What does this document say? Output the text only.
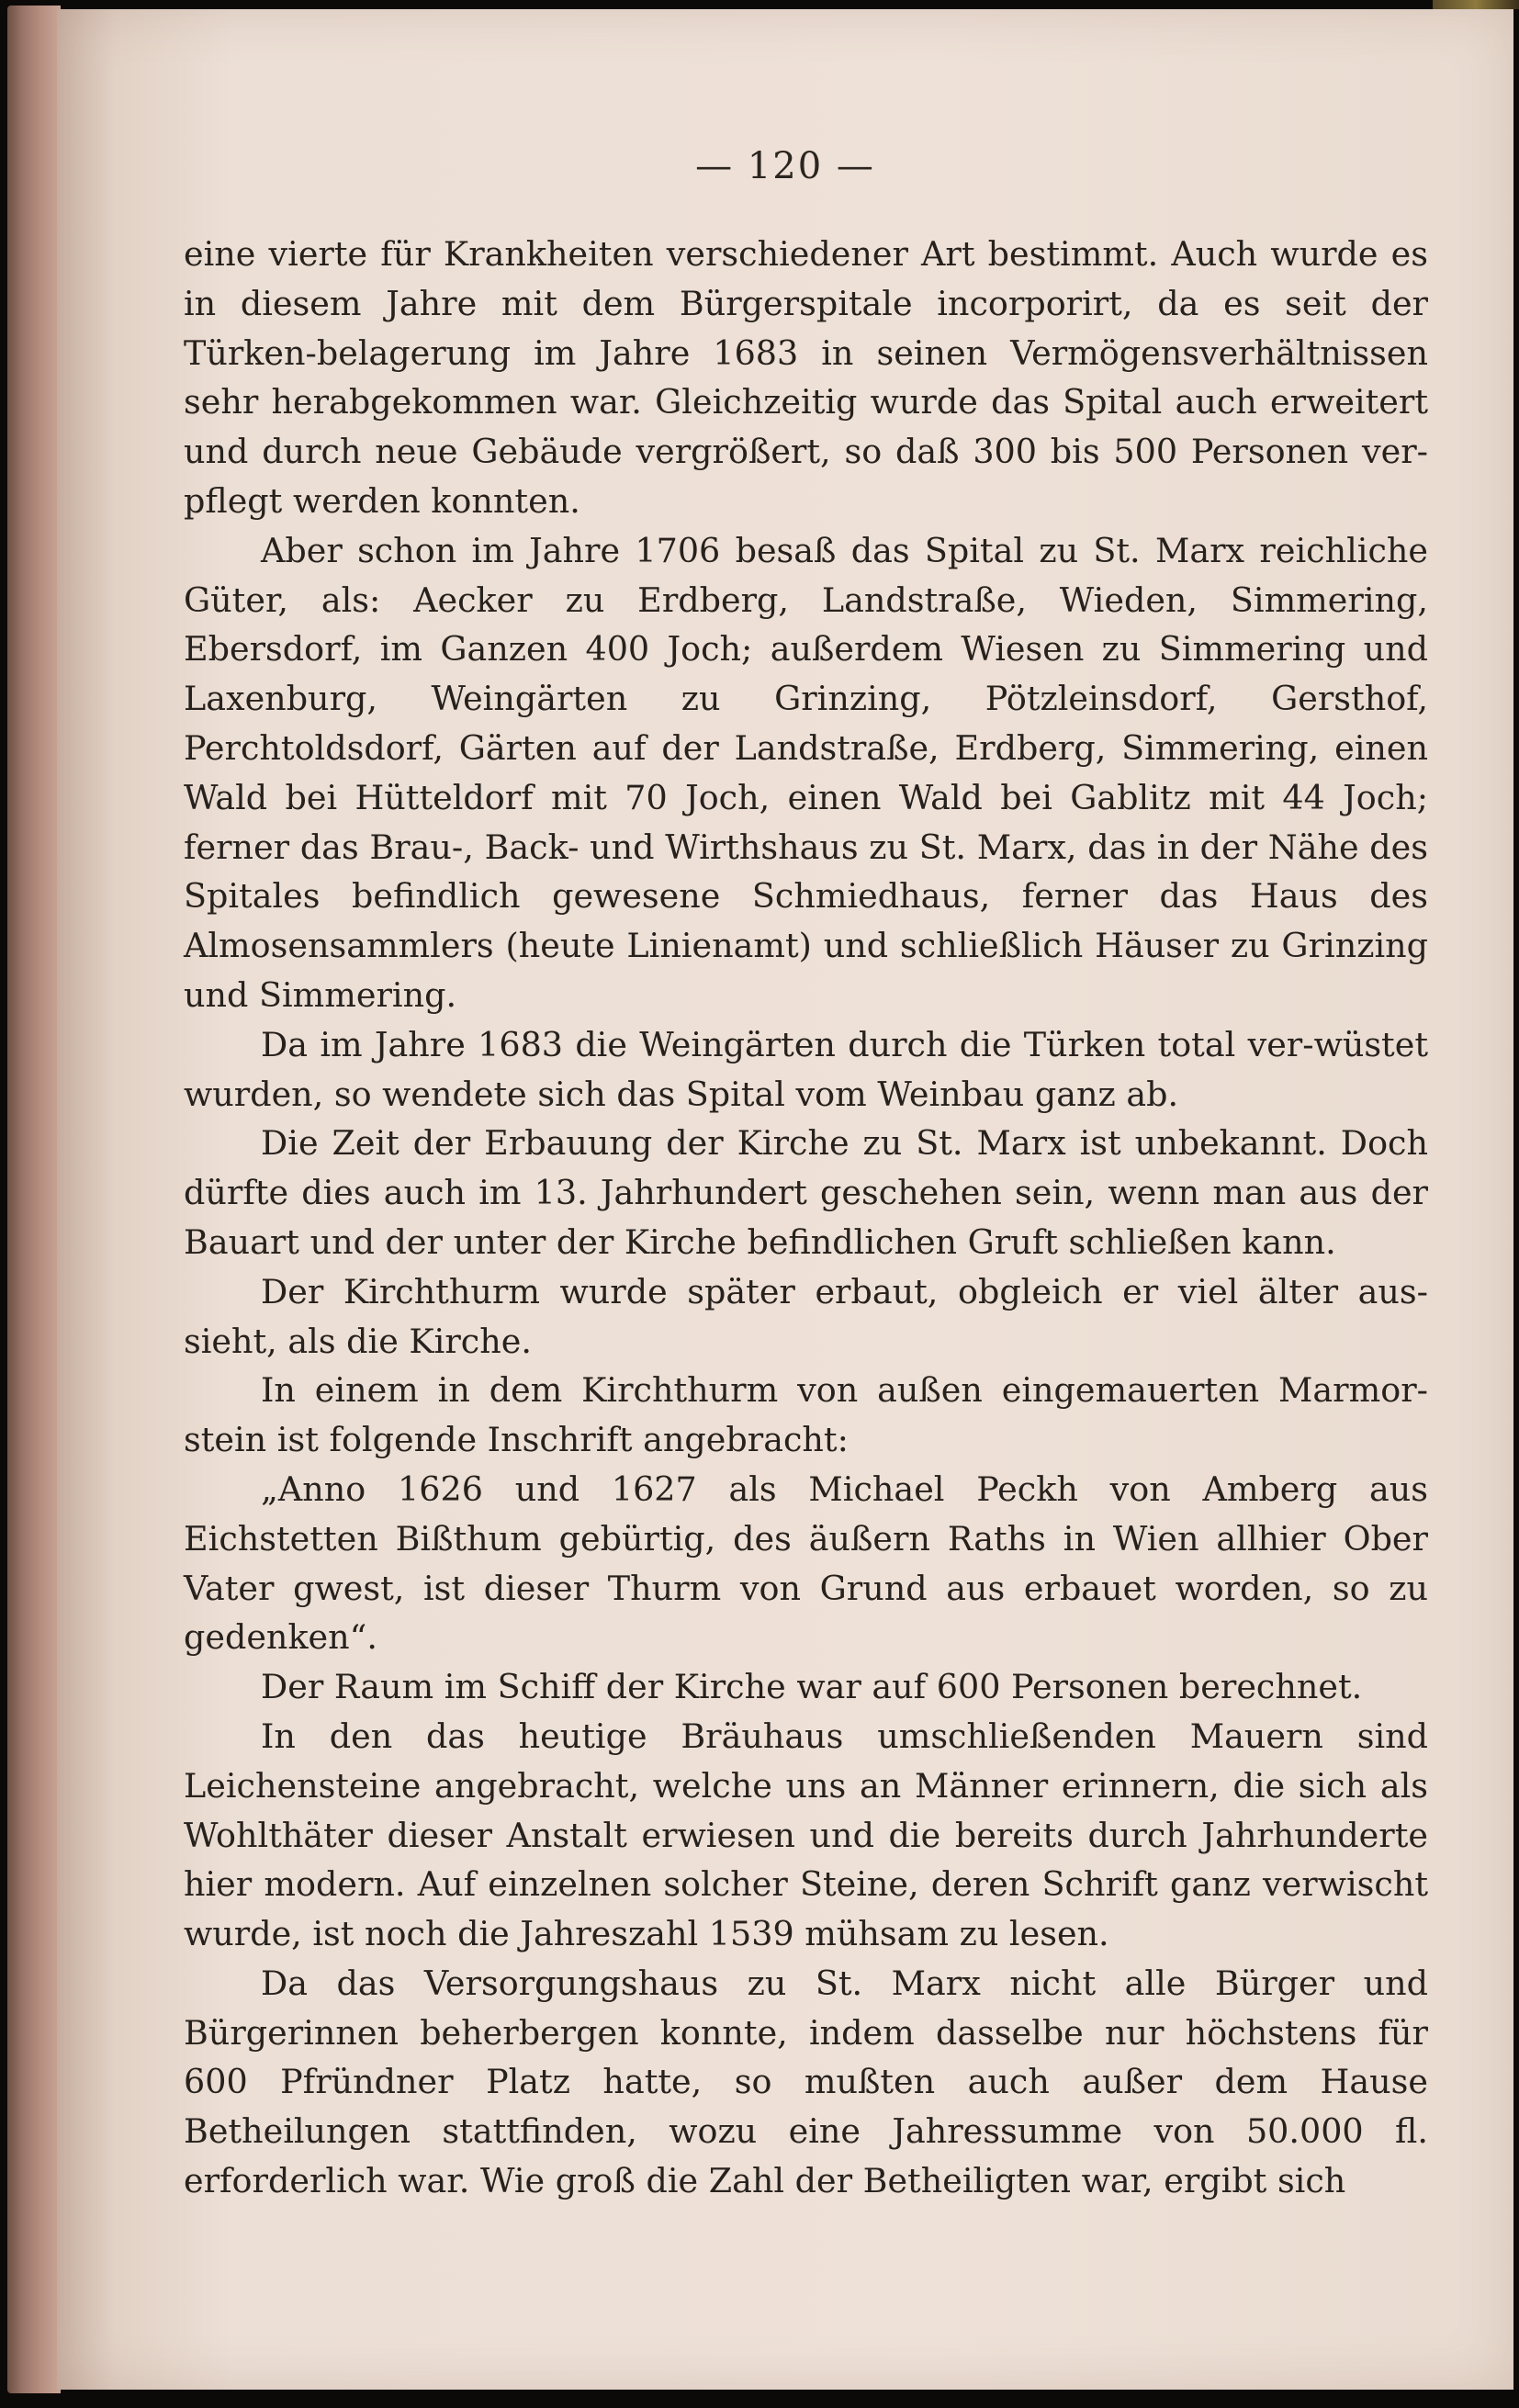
— 120 —

eine vierte für Krankheiten verschiedener Art bestimmt. Auch wurde es in diesem Jahre mit dem Bürgerspitale incorporirt, da es seit der Türken-belagerung im Jahre 1683 in seinen Vermögensverhältnissen sehr herabgekommen war. Gleichzeitig wurde das Spital auch erweitert und durch neue Gebäude vergrößert, so daß 300 bis 500 Personen ver-pflegt werden konnten.

Aber schon im Jahre 1706 besaß das Spital zu St. Marx reichliche Güter, als: Aecker zu Erdberg, Landstraße, Wieden, Simmering, Ebersdorf, im Ganzen 400 Joch; außerdem Wiesen zu Simmering und Laxenburg, Weingärten zu Grinzing, Pötzleinsdorf, Gersthof, Perchtoldsdorf, Gärten auf der Landstraße, Erdberg, Simmering, einen Wald bei Hütteldorf mit 70 Joch, einen Wald bei Gablitz mit 44 Joch; ferner das Brau-, Back- und Wirthshaus zu St. Marx, das in der Nähe des Spitales befindlich gewesene Schmiedhaus, ferner das Haus des Almosensammlers (heute Linienamt) und schließlich Häuser zu Grinzing und Simmering.

Da im Jahre 1683 die Weingärten durch die Türken total ver-wüstet wurden, so wendete sich das Spital vom Weinbau ganz ab.

Die Zeit der Erbauung der Kirche zu St. Marx ist unbekannt. Doch dürfte dies auch im 13. Jahrhundert geschehen sein, wenn man aus der Bauart und der unter der Kirche befindlichen Gruft schließen kann.

Der Kirchthurm wurde später erbaut, obgleich er viel älter aus-sieht, als die Kirche.

In einem in dem Kirchthurm von außen eingemauerten Marmor-stein ist folgende Inschrift angebracht:

„Anno 1626 und 1627 als Michael Peckh von Amberg aus Eichstetten Bißthum gebürtig, des äußern Raths in Wien allhier Ober Vater gwest, ist dieser Thurm von Grund aus erbauet worden, so zu gedenken“.

Der Raum im Schiff der Kirche war auf 600 Personen berechnet.

In den das heutige Bräuhaus umschließenden Mauern sind Leichensteine angebracht, welche uns an Männer erinnern, die sich als Wohlthäter dieser Anstalt erwiesen und die bereits durch Jahrhunderte hier modern. Auf einzelnen solcher Steine, deren Schrift ganz verwischt wurde, ist noch die Jahreszahl 1539 mühsam zu lesen.

Da das Versorgungshaus zu St. Marx nicht alle Bürger und Bürgerinnen beherbergen konnte, indem dasselbe nur höchstens für 600 Pfründner Platz hatte, so mußten auch außer dem Hause Betheilungen stattfinden, wozu eine Jahressumme von 50.000 fl. erforderlich war. Wie groß die Zahl der Betheiligten war, ergibt sich
